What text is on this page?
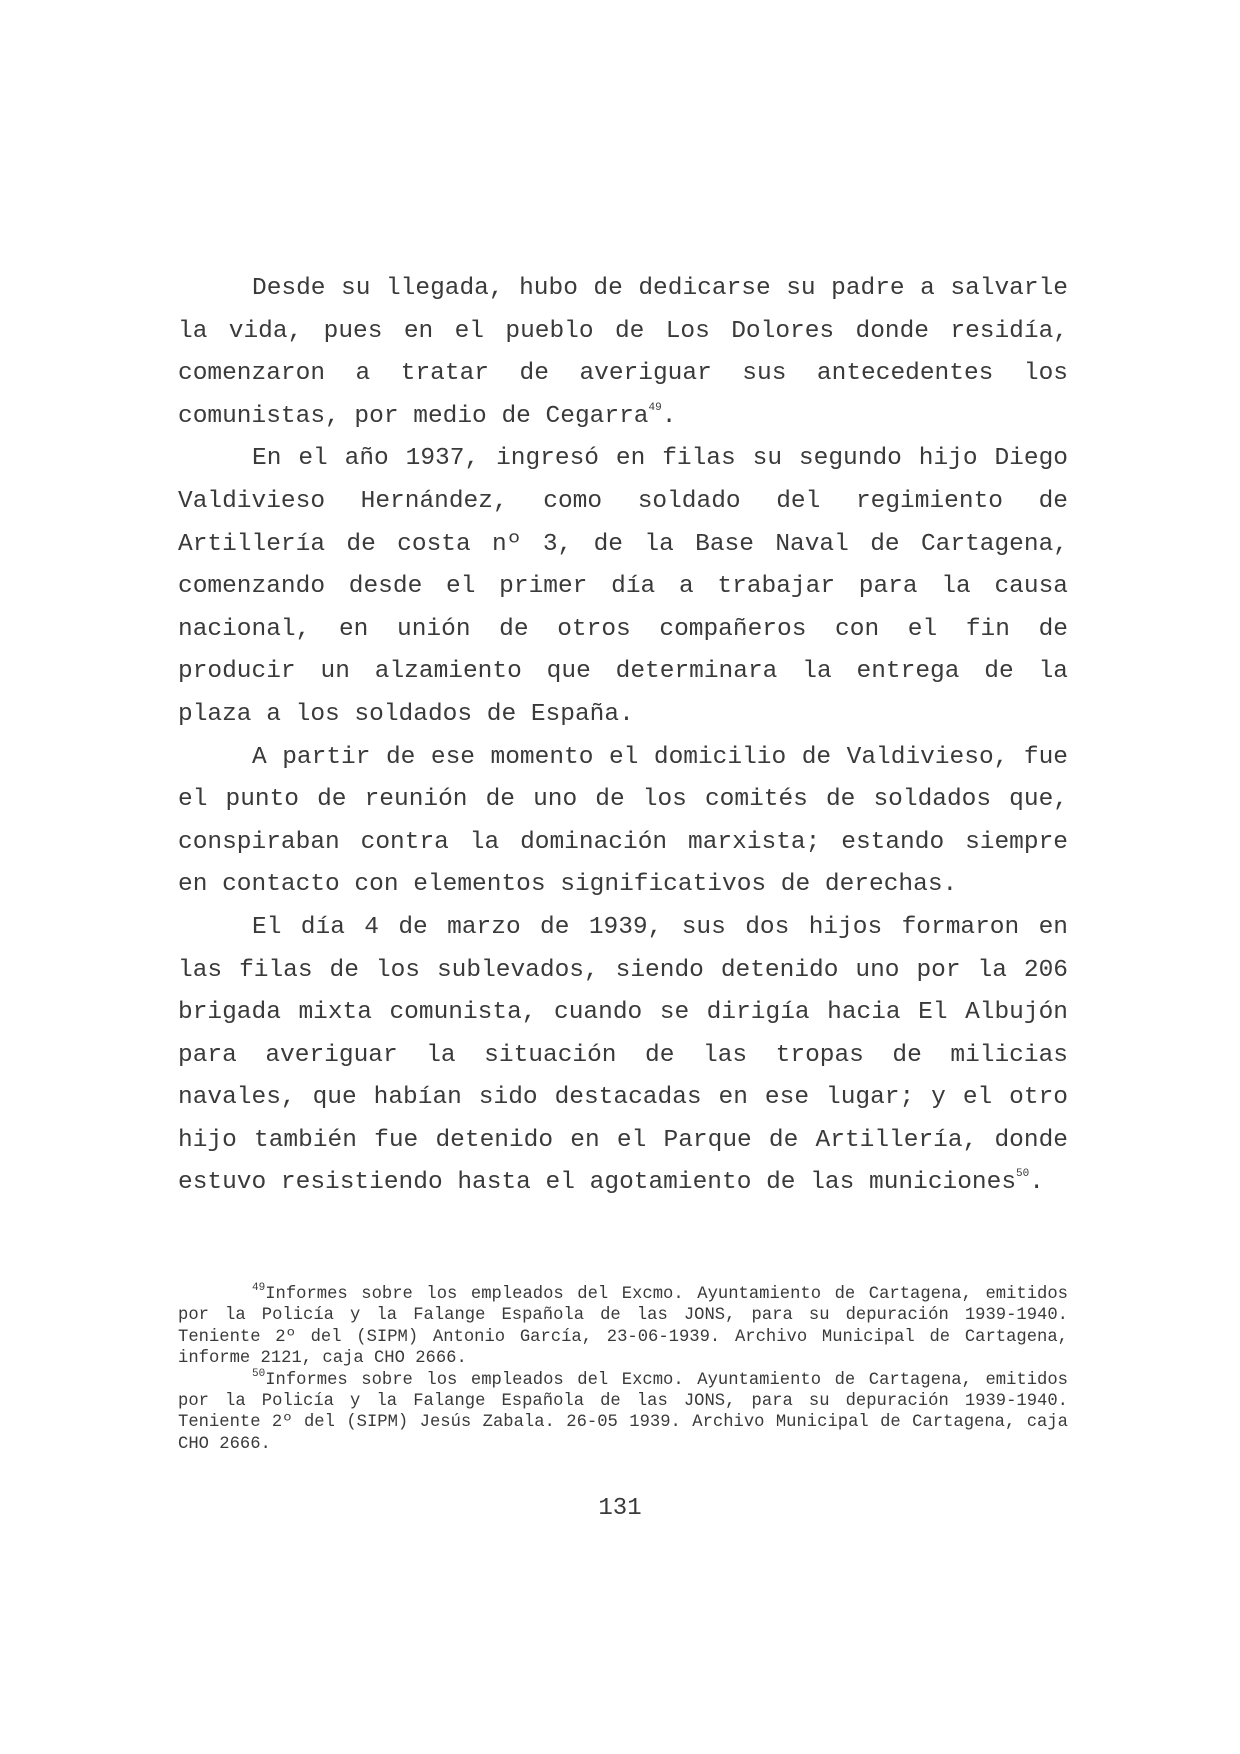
Desde su llegada, hubo de dedicarse su padre a salvarle la vida, pues en el pueblo de Los Dolores donde residía, comenzaron a tratar de averiguar sus antecedentes los comunistas, por medio de Cegarra$^{49}$.

En el año 1937, ingresó en filas su segundo hijo Diego Valdivieso Hernández, como soldado del regimiento de Artillería de costa nº 3, de la Base Naval de Cartagena, comenzando desde el primer día a trabajar para la causa nacional, en unión de otros compañeros con el fin de producir un alzamiento que determinara la entrega de la plaza a los soldados de España.

A partir de ese momento el domicilio de Valdivieso, fue el punto de reunión de uno de los comités de soldados que, conspiraban contra la dominación marxista; estando siempre en contacto con elementos significativos de derechas.

El día 4 de marzo de 1939, sus dos hijos formaron en las filas de los sublevados, siendo detenido uno por la 206 brigada mixta comunista, cuando se dirigía hacia El Albujón para averiguar la situación de las tropas de milicias navales, que habían sido destacadas en ese lugar; y el otro hijo también fue detenido en el Parque de Artillería, donde estuvo resistiendo hasta el agotamiento de las municiones$^{50}$.

$^{49}$Informes sobre los empleados del Excmo. Ayuntamiento de Cartagena, emitidos por la Policía y la Falange Española de las JONS, para su depuración 1939-1940. Teniente 2º del (SIPM) Antonio García, 23-06-1939. Archivo Municipal de Cartagena, informe 2121, caja CHO 2666.

$^{50}$Informes sobre los empleados del Excmo. Ayuntamiento de Cartagena, emitidos por la Policía y la Falange Española de las JONS, para su depuración 1939-1940. Teniente 2º del (SIPM) Jesús Zabala. 26-05 1939. Archivo Municipal de Cartagena, caja CHO 2666.

131
